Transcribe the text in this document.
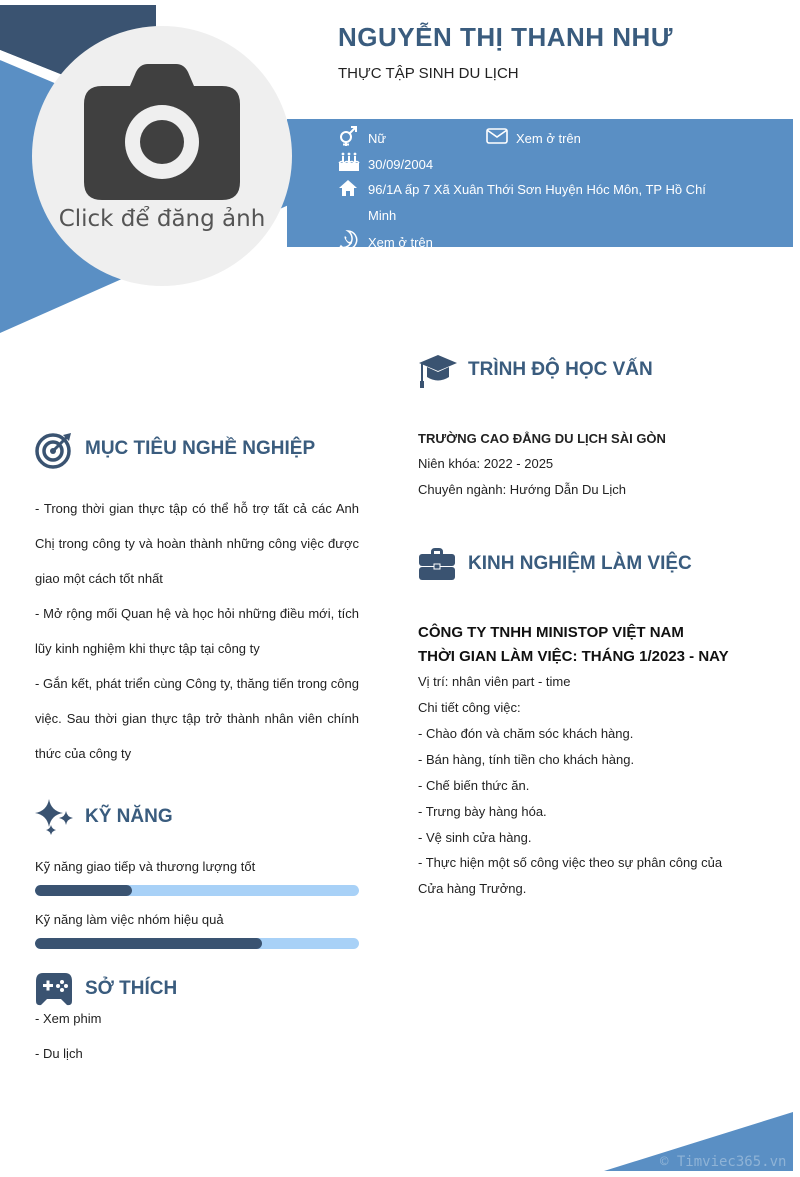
Click để đăng ảnh
NGUYỄN THỊ THANH NHƯ
THỰC TẬP SINH DU LỊCH
Nữ	Xem ở trên
30/09/2004
96/1A ấp 7 Xã Xuân Thới Sơn Huyện Hóc Môn, TP Hồ Chí Minh
Xem ở trên
MỤC TIÊU NGHỀ NGHIỆP

- Trong thời gian thực tập có thể hỗ trợ tất cả các Anh Chị trong công ty và hoàn thành những công việc được giao một cách tốt nhất

- Mở rộng mối Quan hệ và học hỏi những điều mới, tích lũy kinh nghiệm khi thực tập tại công ty

- Gắn kết, phát triển cùng Công ty, thăng tiến trong công việc. Sau thời gian thực tập trở thành nhân viên chính thức của công ty

KỸ NĂNG
Kỹ năng giao tiếp và thương lượng tốt
Kỹ năng làm việc nhóm hiệu quả
SỞ THÍCH
- Xem phim
- Du lịch
TRÌNH ĐỘ HỌC VẤN
TRƯỜNG CAO ĐẲNG DU LỊCH SÀI GÒN
Niên khóa: 2022 - 2025
Chuyên ngành: Hướng Dẫn Du Lịch
KINH NGHIỆM LÀM VIỆC
CÔNG TY TNHH MINISTOP VIỆT NAM
THỜI GIAN LÀM VIỆC: THÁNG 1/2023 - NAY
Vị trí: nhân viên part - time
Chi tiết công việc:
- Chào đón và chăm sóc khách hàng.
- Bán hàng, tính tiền cho khách hàng.
- Chế biến thức ăn.
- Trưng bày hàng hóa.
- Vệ sinh cửa hàng.
- Thực hiện một số công việc theo sự phân công của Cửa hàng Trưởng.
© Timviec365.vn
